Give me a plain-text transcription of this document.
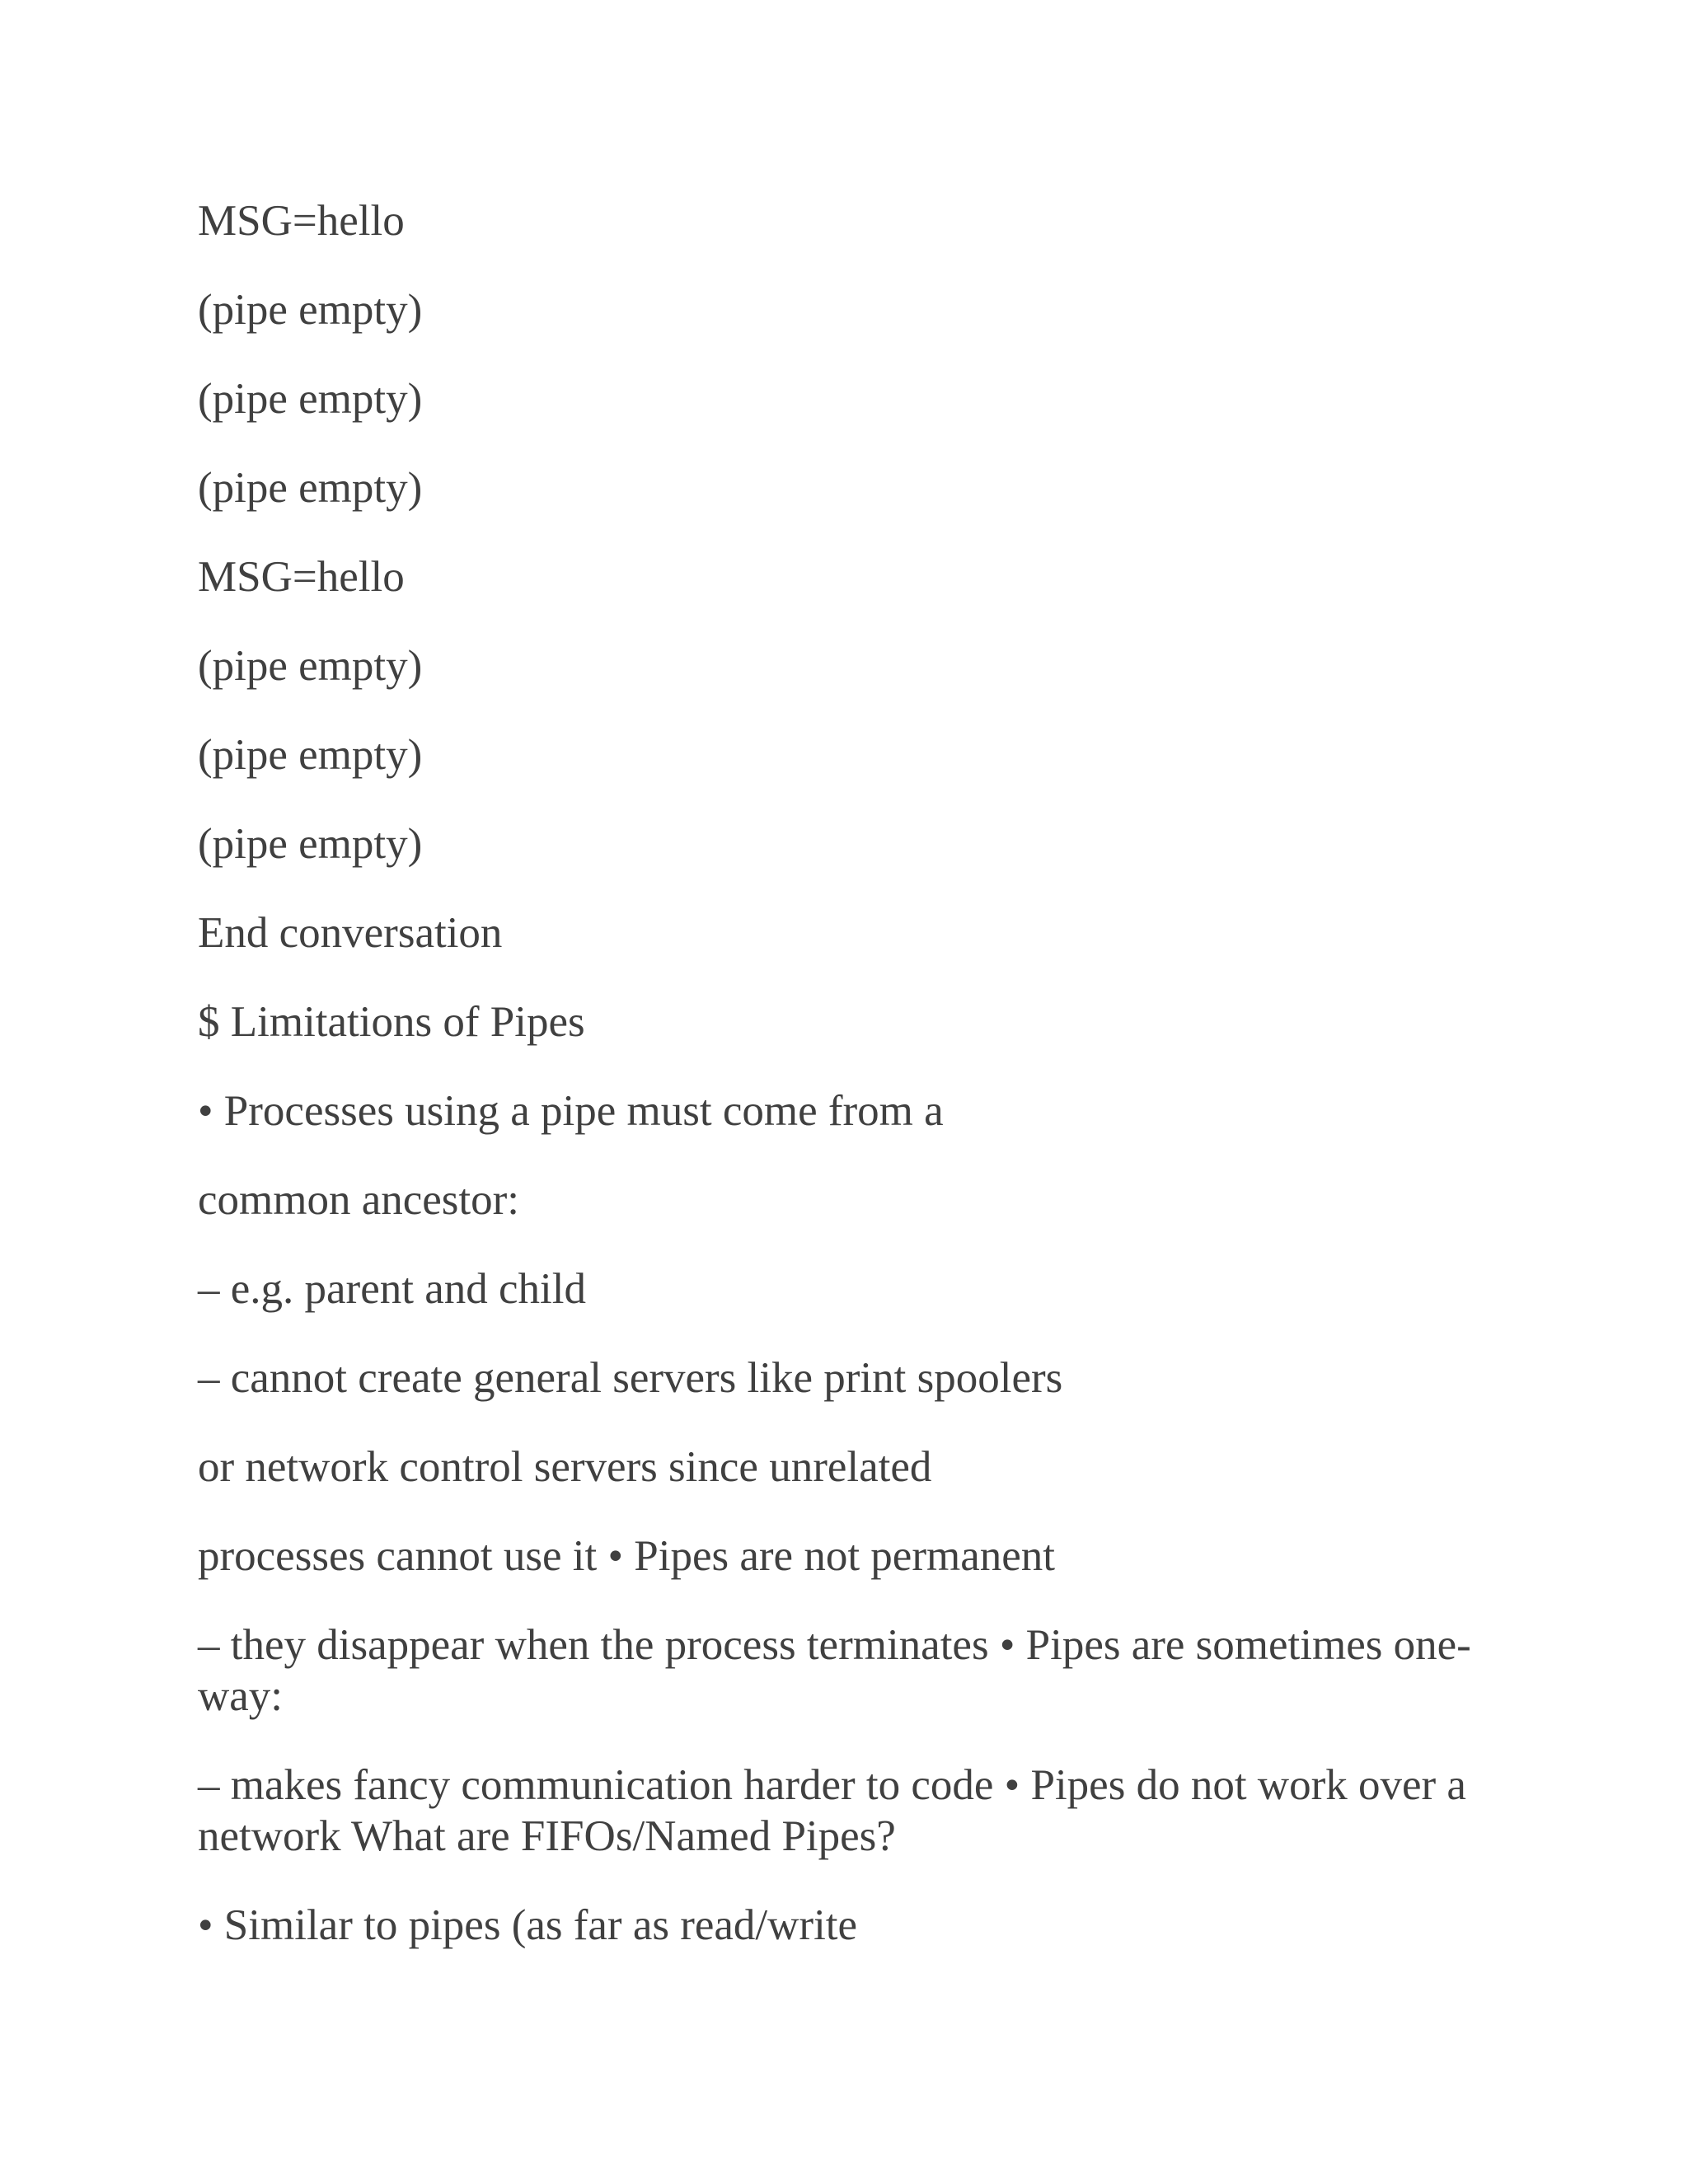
MSG=hello

(pipe empty)

(pipe empty)

(pipe empty)

MSG=hello

(pipe empty)

(pipe empty)

(pipe empty)

End conversation

$ Limitations of Pipes

• Processes using a pipe must come from a

common ancestor:

– e.g. parent and child

– cannot create general servers like print spoolers

or network control servers since unrelated

processes cannot use it • Pipes are not permanent

– they disappear when the process terminates • Pipes are sometimes one-way:

– makes fancy communication harder to code • Pipes do not work over a network What are FIFOs/Named Pipes?

• Similar to pipes (as far as read/write
